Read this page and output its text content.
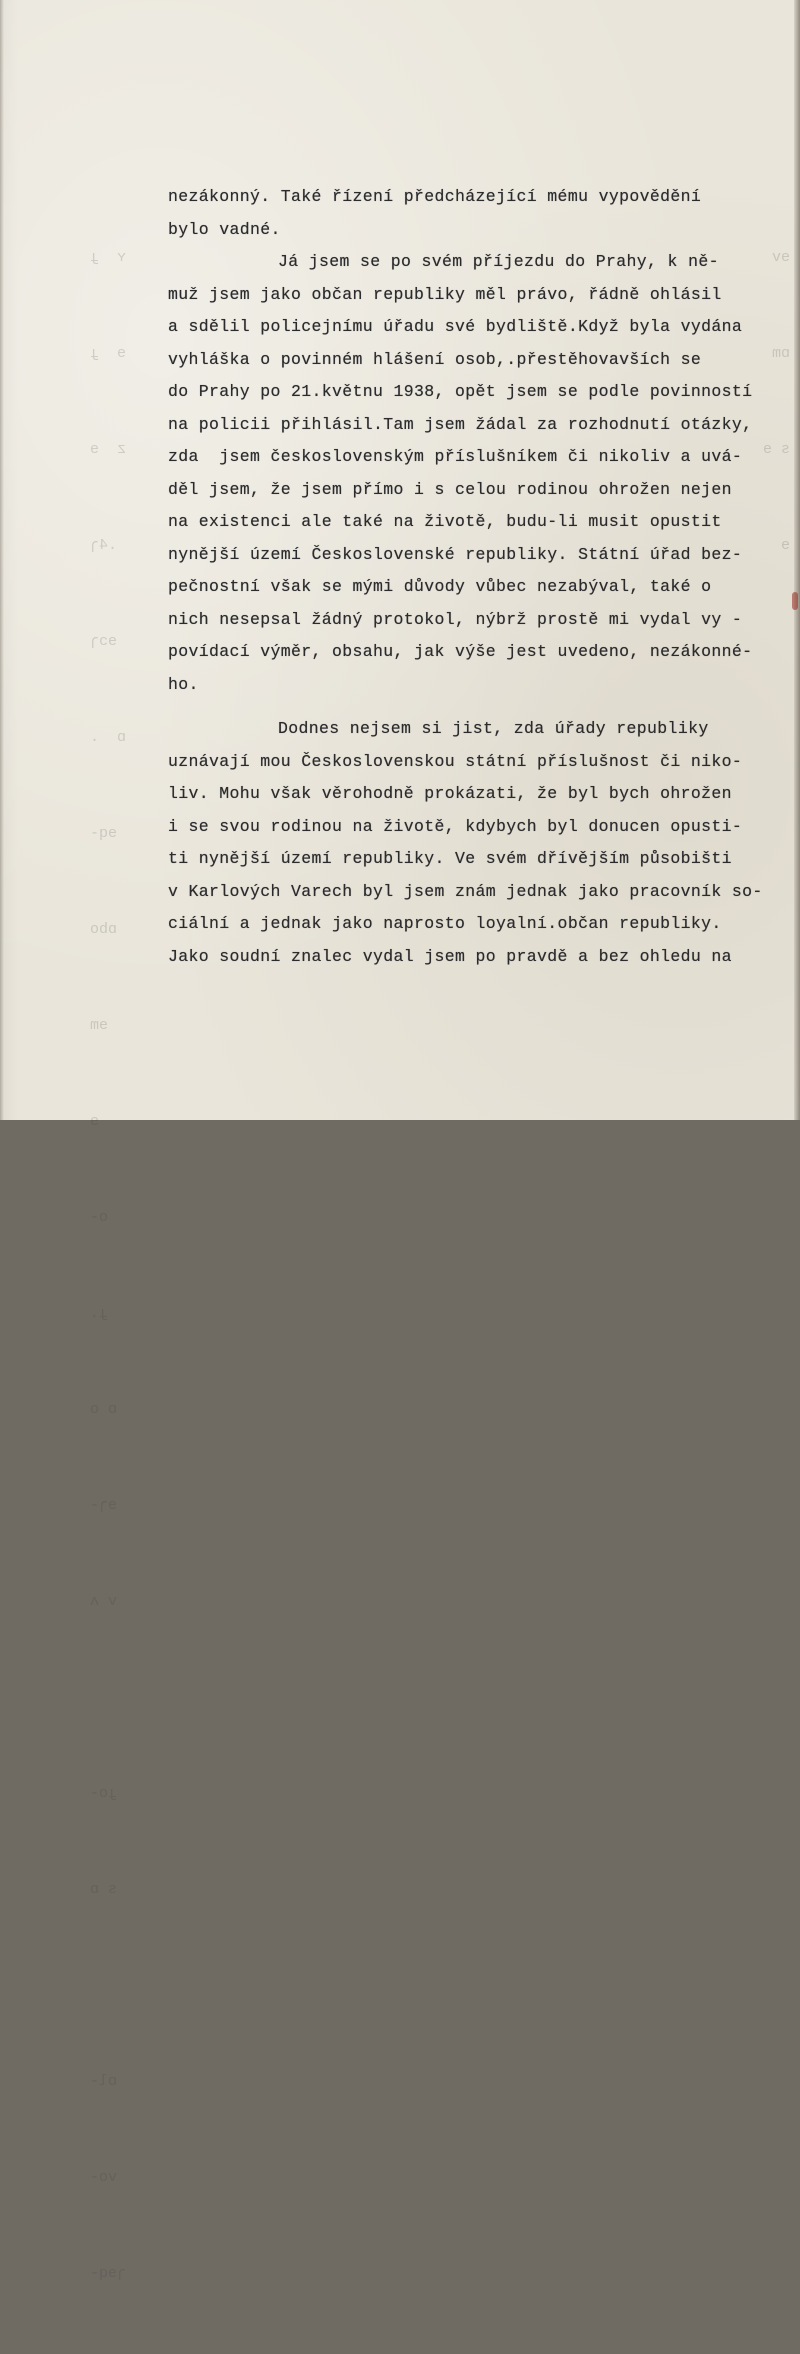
ʏ  ɟ

ɘ  ɟ

z  ɘ

.4ɿ

ɘɔɿ

ɒ  .

ɘq-

ɒbo

ɘm

ɘ

o-

ɟ.

ɒ o

ɘɿ-

v ʌ

ɟo-

s ɒ

ɒl-

vo-

ɿɘq-

ɘv

ɒm

s ɘ

ɘ

nezákonný. Také řízení předcházející mému vypovědění
bylo vadné.
Já jsem se po svém příjezdu do Prahy, k ně-
muž jsem jako občan republiky měl právo, řádně ohlásil
a sdělil policejnímu úřadu své bydliště.Když byla vydána
vyhláška o povinném hlášení osob,.přestěhovavších se
do Prahy po 21.květnu 1938, opět jsem se podle povinností
na policii přihlásil.Tam jsem žádal za rozhodnutí otázky,
zda  jsem československým příslušníkem či nikoliv a uvá-
děl jsem, že jsem přímo i s celou rodinou ohrožen nejen
na existenci ale také na životě, budu-li musit opustit
nynější území Československé republiky. Státní úřad bez-
pečnostní však se mými důvody vůbec nezabýval, také o
nich nesepsal žádný protokol, nýbrž prostě mi vydal vy -
povídací výměr, obsahu, jak výše jest uvedeno, nezákonné-
ho.
Dodnes nejsem si jist, zda úřady republiky
uznávají mou Československou státní příslušnost či niko-
liv. Mohu však věrohodně prokázati, že byl bych ohrožen
i se svou rodinou na životě, kdybych byl donucen opusti-
ti nynější území republiky. Ve svém dřívějším působišti
v Karlových Varech byl jsem znám jednak jako pracovník so-
ciální a jednak jako naprosto loyalní.občan republiky.
Jako soudní znalec vydal jsem po pravdě a bez ohledu na
